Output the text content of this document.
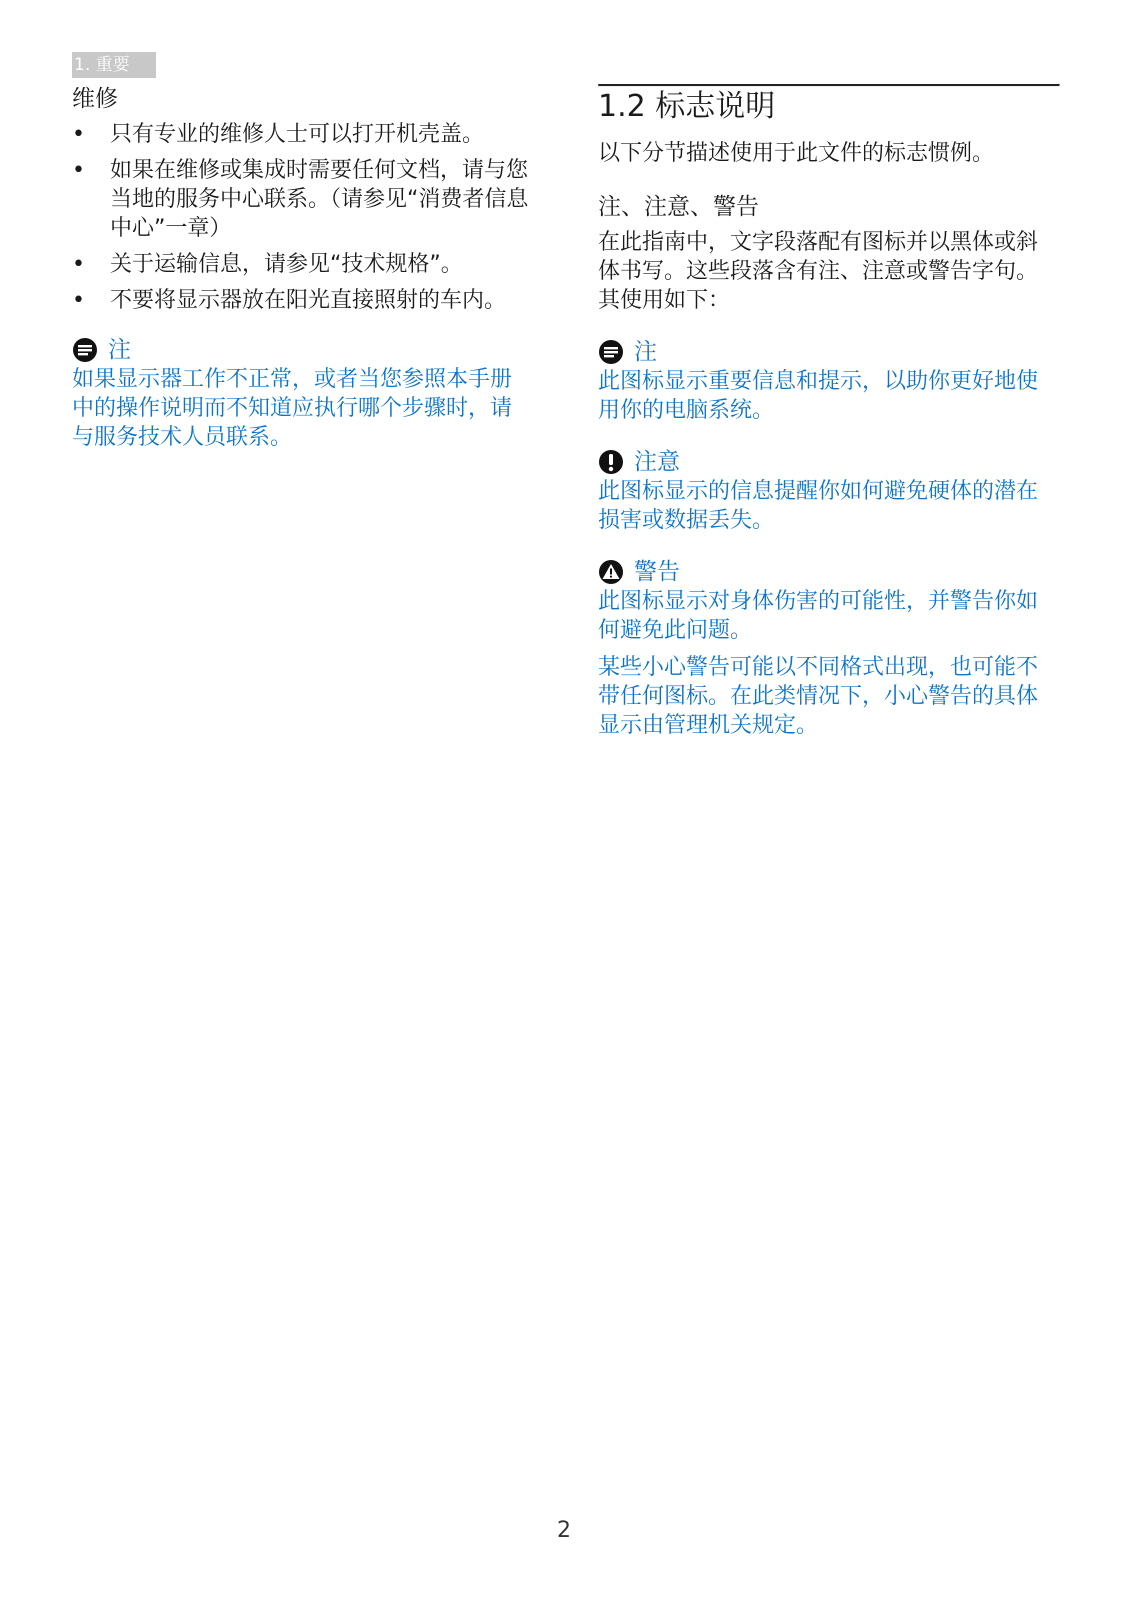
1. 重要
维修
• 只有专业的维修人士可以打开机壳盖。
• 如果在维修或集成时需要任何文档，请与您当地的服务中心联系。（请参见“消费者信息中心”一章）
• 关于运输信息，请参见“技术规格”。
• 不要将显示器放在阳光直接照射的车内。
注

如果显示器工作不正常，或者当您参照本手册中的操作说明而不知道应执行哪个步骤时，请与服务技术人员联系。

1.2 标志说明

以下分节描述使用于此文件的标志惯例。

注、注意、警告

在此指南中，文字段落配有图标并以黑体或斜体书写。这些段落含有注、注意或警告字句。其使用如下：

注

此图标显示重要信息和提示，以助你更好地使用你的电脑系统。

注意

此图标显示的信息提醒你如何避免硬体的潜在损害或数据丢失。

警告

此图标显示对身体伤害的可能性，并警告你如何避免此问题。

某些小心警告可能以不同格式出现，也可能不带任何图标。在此类情况下，小心警告的具体显示由管理机关规定。

2
